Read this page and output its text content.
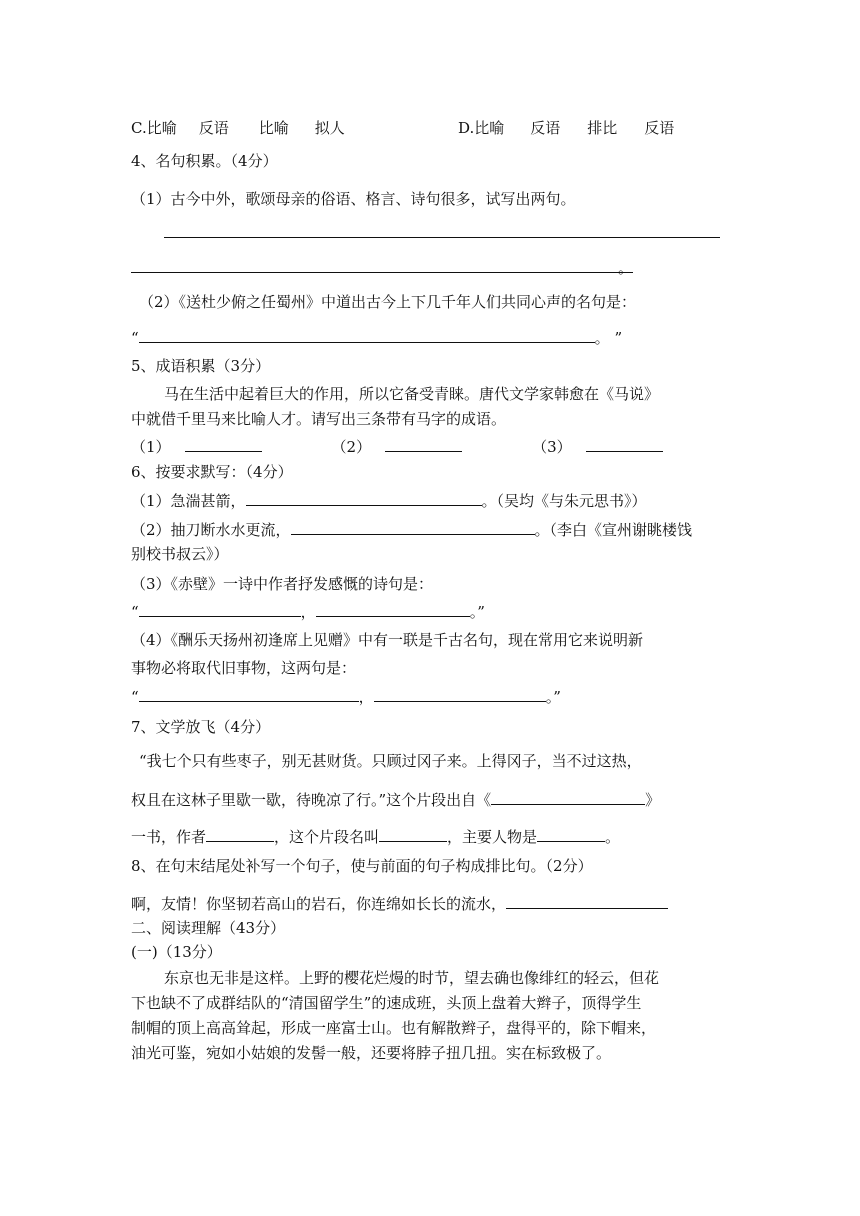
C.比喻 反语 比喻 拟人	D.比喻 反语 排比 反语
4、名句积累。（4分）
（1）古今中外，歌颂母亲的俗语、格言、诗句很多，试写出两句。
。
（2）《送杜少俯之任蜀州》中道出古今上下几千年人们共同心声的名句是：
“	。 ”
5、成语积累（3分）
马在生活中起着巨大的作用，所以它备受青睐。唐代文学家韩愈在《马说》
中就借千里马来比喻人才。请写出三条带有马字的成语。
（1）	（2）	（3）
6、按要求默写：（4分）
（1）急湍甚箭，	。（吴均《与朱元思书》）
（2）抽刀断水水更流，	。（李白《宣州谢眺楼饯
别校书叔云》）
（3）《赤壁》一诗中作者抒发感慨的诗句是：
“	，	。”
（4）《酬乐天扬州初逢席上见赠》中有一联是千古名句，现在常用它来说明新
事物必将取代旧事物，这两句是：
“	，	。”
7、文学放飞（4分）
“我七个只有些枣子，别无甚财货。只顾过冈子来。上得冈子，当不过这热，
权且在这林子里歇一歇，待晚凉了行。”这个片段出自《	》
一书，作者	，这个片段名叫	，主要人物是	。
8、在句末结尾处补写一个句子，使与前面的句子构成排比句。（2分）
啊，友情！你坚韧若高山的岩石，你连绵如长长的流水，
二、阅读理解（43分）
(一)（13分）
东京也无非是这样。上野的樱花烂熳的时节，望去确也像绯红的轻云，但花
下也缺不了成群结队的“清国留学生”的速成班，头顶上盘着大辫子，顶得学生
制帽的顶上高高耸起，形成一座富士山。也有解散辫子，盘得平的，除下帽来，
油光可鉴，宛如小姑娘的发髻一般，还要将脖子扭几扭。实在标致极了。
